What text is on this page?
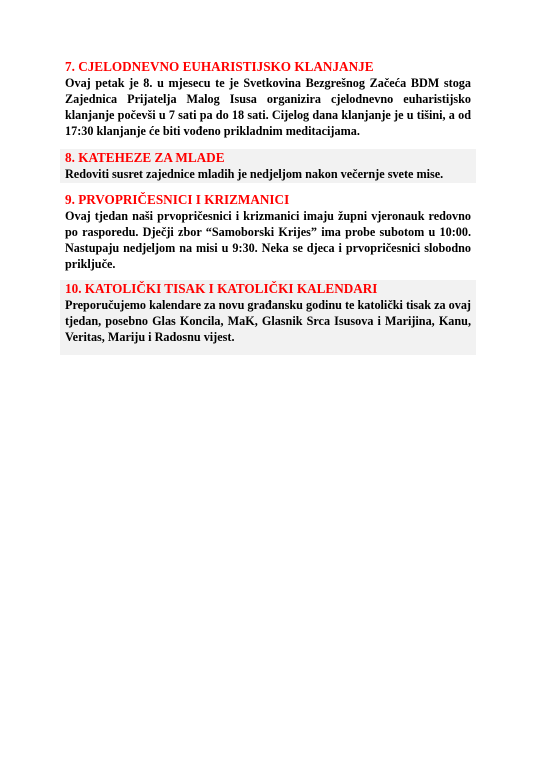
7. CJELODNEVNO EUHARISTIJSKO KLANJANJE

Ovaj petak je 8. u mjesecu te je Svetkovina Bezgrešnog Začeća BDM stoga Zajednica Prijatelja Malog Isusa organizira cjelodnevno euharistijsko klanjanje počevši u 7 sati pa do 18 sati. Cijelog dana klanjanje je u tišini, a od 17:30 klanjanje će biti vođeno prikladnim meditacijama.

8. KATEHEZE ZA MLADE

Redoviti susret zajednice mladih je nedjeljom nakon večernje svete mise.

9. PRVOPRIČESNICI I KRIZMANICI

Ovaj tjedan naši prvopričesnici i krizmanici imaju župni vjeronauk redovno po rasporedu. Dječji zbor “Samoborski Krijes” ima probe subotom u 10:00. Nastupaju nedjeljom na misi u 9:30. Neka se djeca i prvopričesnici slobodno priključe.

10. KATOLIČKI TISAK I KATOLIČKI KALENDARI

Preporučujemo kalendare za novu građansku godinu te katolički tisak za ovaj tjedan, posebno Glas Koncila, MaK, Glasnik Srca Isusova i Marijina, Kanu, Veritas, Mariju i Radosnu vijest.
